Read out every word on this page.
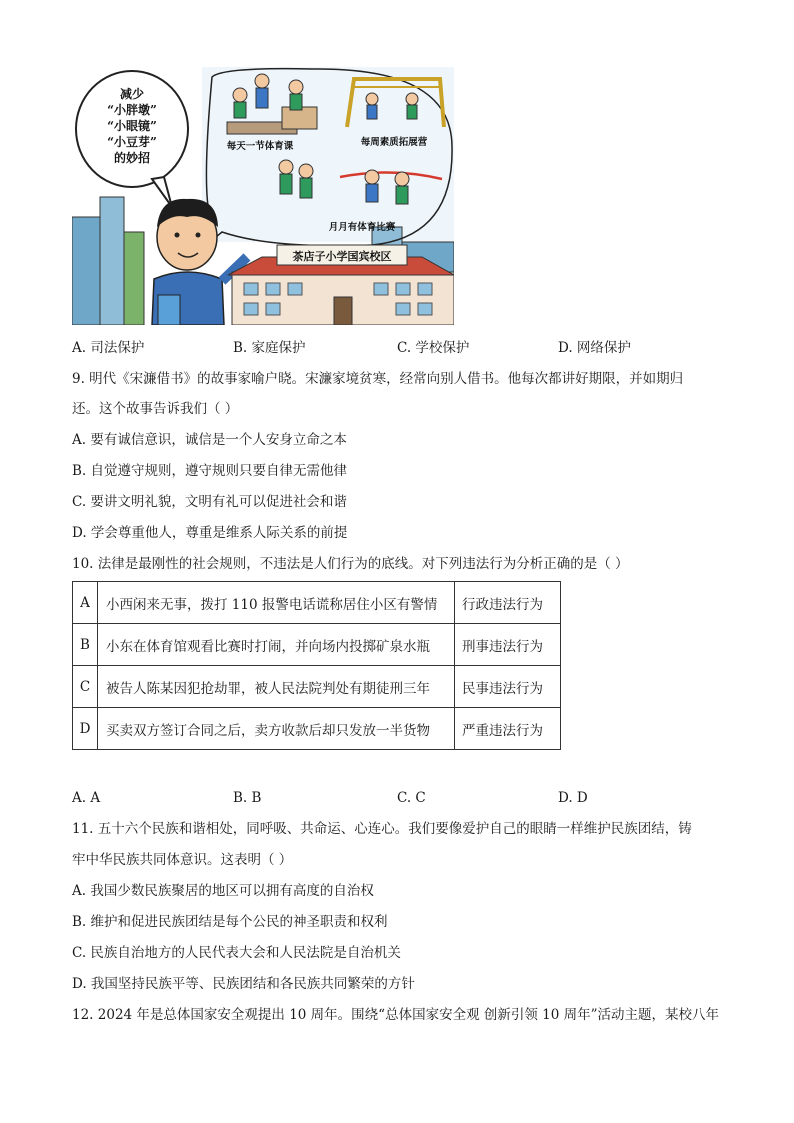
减少
“小胖墩”
“小眼镜”
“小豆芽”
的妙招
每天一节体育课	每周素质拓展营
月月有体育比赛
茶店子小学国宾校区
A. 司法保护	B. 家庭保护	C. 学校保护	D. 网络保护
9. 明代《宋濂借书》的故事家喻户晓。宋濂家境贫寒，经常向别人借书。他每次都讲好期限，并如期归
还。这个故事告诉我们（ ）
A. 要有诚信意识，诚信是一个人安身立命之本
B. 自觉遵守规则，遵守规则只要自律无需他律
C. 要讲文明礼貌，文明有礼可以促进社会和谐
D. 学会尊重他人，尊重是维系人际关系的前提
10. 法律是最刚性的社会规则，不违法是人们行为的底线。对下列违法行为分析正确的是（ ）
A	小西闲来无事，拨打 110 报警电话谎称居住小区有警情	行政违法行为
B	小东在体育馆观看比赛时打闹，并向场内投掷矿泉水瓶	刑事违法行为
C	被告人陈某因犯抢劫罪，被人民法院判处有期徒刑三年	民事违法行为
D	买卖双方签订合同之后，卖方收款后却只发放一半货物	严重违法行为
A. A	B. B	C. C	D. D
11. 五十六个民族和谐相处，同呼吸、共命运、心连心。我们要像爱护自己的眼睛一样维护民族团结，铸
牢中华民族共同体意识。这表明（ ）
A. 我国少数民族聚居的地区可以拥有高度的自治权
B. 维护和促进民族团结是每个公民的神圣职责和权利
C. 民族自治地方的人民代表大会和人民法院是自治机关
D. 我国坚持民族平等、民族团结和各民族共同繁荣的方针
12. 2024 年是总体国家安全观提出 10 周年。围绕“总体国家安全观 创新引领 10 周年”活动主题，某校八年
